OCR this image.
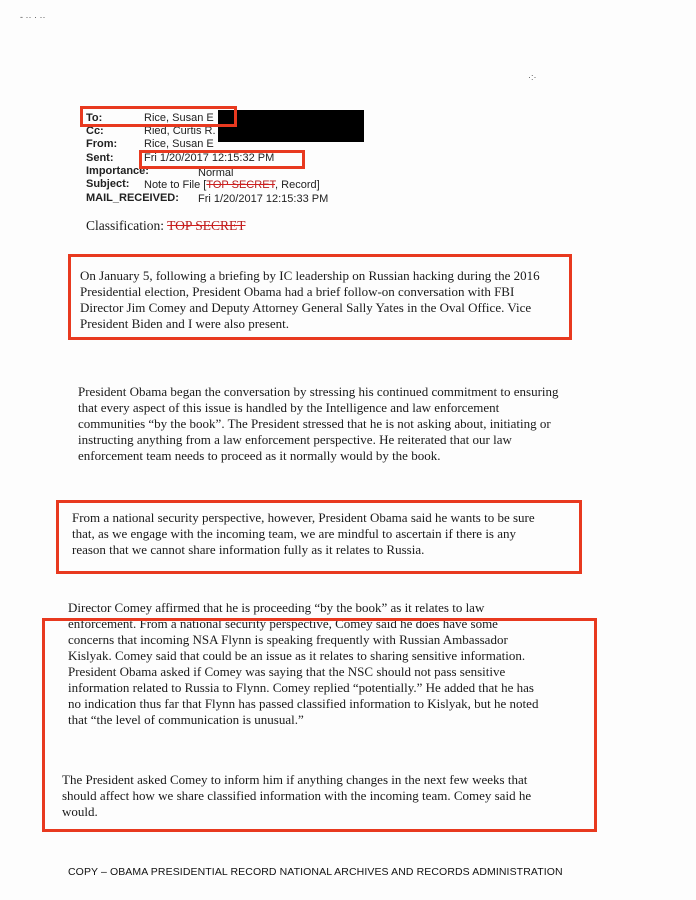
- ·· · ··
·:·
To:	Rice, Susan E
Cc:	Ried, Curtis R.
From: Rice, Susan E
Sent:	Fri 1/20/2017 12:15:32 PM
Importance:	Normal
Subject: Note to File [TOP SECRET, Record]
MAIL_RECEIVED: Fri 1/20/2017 12:15:33 PM
Classification: TOP SECRET
On January 5, following a briefing by IC leadership on Russian hacking during the 2016
Presidential election, President Obama had a brief follow-on conversation with FBI
Director Jim Comey and Deputy Attorney General Sally Yates in the Oval Office. Vice
President Biden and I were also present.
President Obama began the conversation by stressing his continued commitment to ensuring
that every aspect of this issue is handled by the Intelligence and law enforcement
communities “by the book”. The President stressed that he is not asking about, initiating or
instructing anything from a law enforcement perspective. He reiterated that our law
enforcement team needs to proceed as it normally would by the book.
From a national security perspective, however, President Obama said he wants to be sure
that, as we engage with the incoming team, we are mindful to ascertain if there is any
reason that we cannot share information fully as it relates to Russia.
Director Comey affirmed that he is proceeding “by the book” as it relates to law
enforcement. From a national security perspective, Comey said he does have some
concerns that incoming NSA Flynn is speaking frequently with Russian Ambassador
Kislyak. Comey said that could be an issue as it relates to sharing sensitive information.
President Obama asked if Comey was saying that the NSC should not pass sensitive
information related to Russia to Flynn. Comey replied “potentially.” He added that he has
no indication thus far that Flynn has passed classified information to Kislyak, but he noted
that “the level of communication is unusual.”
The President asked Comey to inform him if anything changes in the next few weeks that
should affect how we share classified information with the incoming team. Comey said he
would.
COPY – OBAMA PRESIDENTIAL RECORD NATIONAL ARCHIVES AND RECORDS ADMINISTRATION
